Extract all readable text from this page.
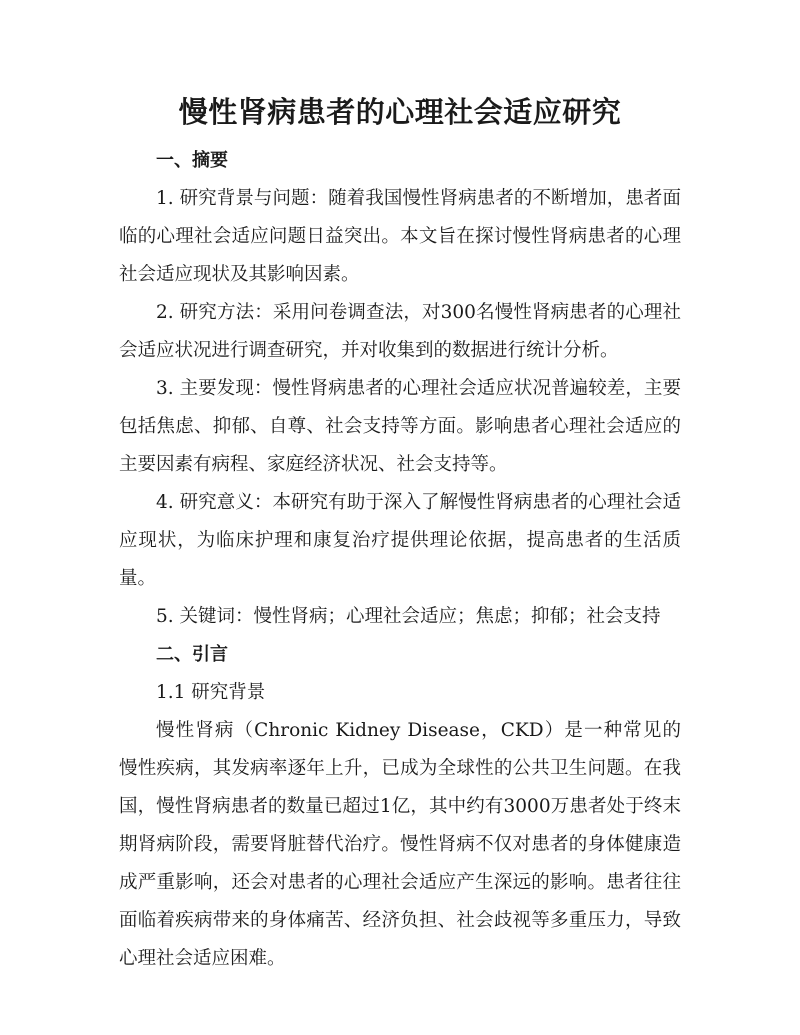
慢性肾病患者的心理社会适应研究

一、摘要

1. 研究背景与问题：随着我国慢性肾病患者的不断增加，患者面临的心理社会适应问题日益突出。本文旨在探讨慢性肾病患者的心理社会适应现状及其影响因素。

2. 研究方法：采用问卷调查法，对300名慢性肾病患者的心理社会适应状况进行调查研究，并对收集到的数据进行统计分析。

3. 主要发现：慢性肾病患者的心理社会适应状况普遍较差，主要包括焦虑、抑郁、自尊、社会支持等方面。影响患者心理社会适应的主要因素有病程、家庭经济状况、社会支持等。

4. 研究意义：本研究有助于深入了解慢性肾病患者的心理社会适应现状，为临床护理和康复治疗提供理论依据，提高患者的生活质量。

5. 关键词：慢性肾病；心理社会适应；焦虑；抑郁；社会支持

二、引言

1.1 研究背景

慢性肾病（Chronic Kidney Disease，CKD）是一种常见的慢性疾病，其发病率逐年上升，已成为全球性的公共卫生问题。在我国，慢性肾病患者的数量已超过1亿，其中约有3000万患者处于终末期肾病阶段，需要肾脏替代治疗。慢性肾病不仅对患者的身体健康造成严重影响，还会对患者的心理社会适应产生深远的影响。患者往往面临着疾病带来的身体痛苦、经济负担、社会歧视等多重压力，导致心理社会适应困难。
